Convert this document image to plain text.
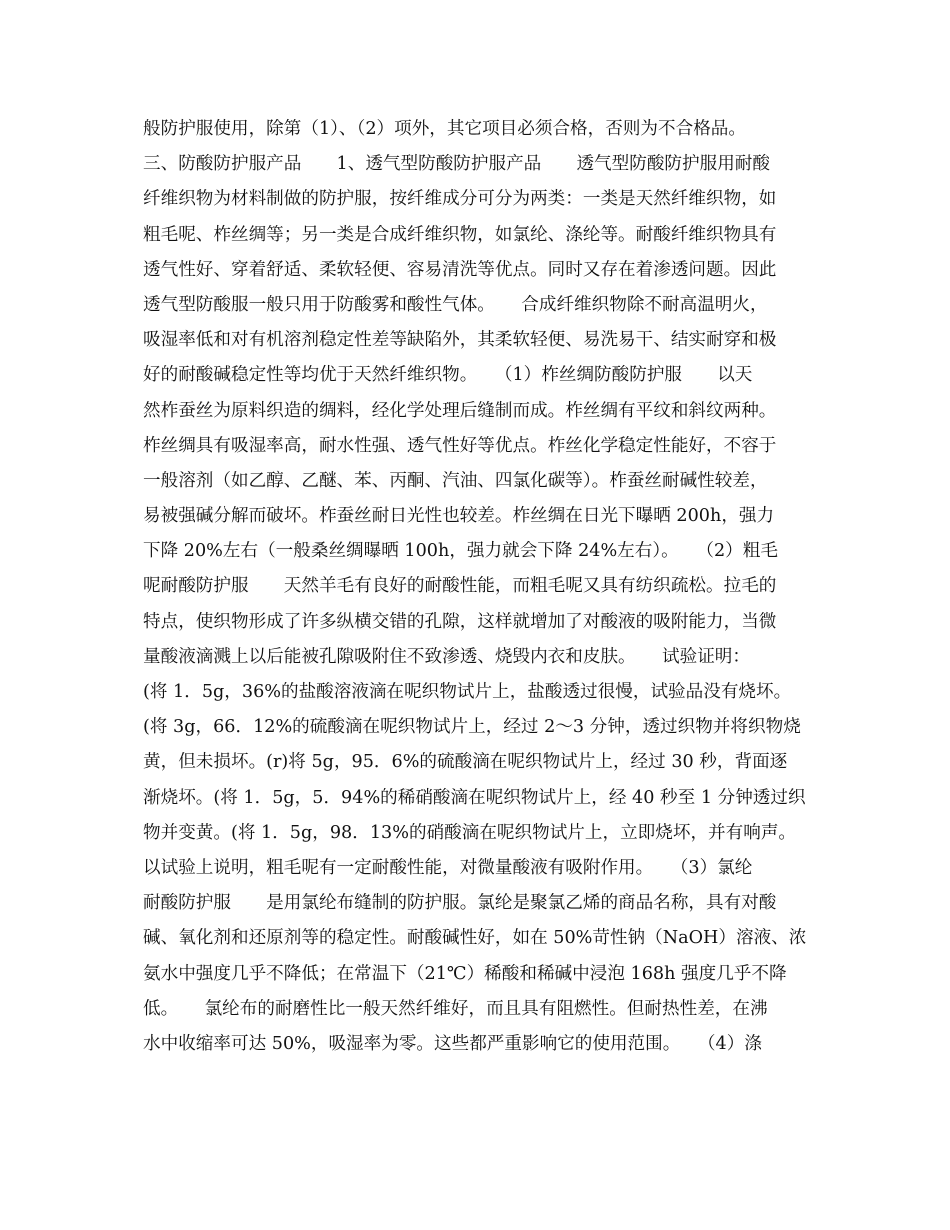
般防护服使用，除第（1）、（2）项外，其它项目必须合格，否则为不合格品。
三、防酸防护服产品　　1、透气型防酸防护服产品　　透气型防酸防护服用耐酸
纤维织物为材料制做的防护服，按纤维成分可分为两类：一类是天然纤维织物，如
粗毛呢、柞丝绸等；另一类是合成纤维织物，如氯纶、涤纶等。耐酸纤维织物具有
透气性好、穿着舒适、柔软轻便、容易清洗等优点。同时又存在着渗透问题。因此
透气型防酸服一般只用于防酸雾和酸性气体。　　合成纤维织物除不耐高温明火，
吸湿率低和对有机溶剂稳定性差等缺陷外，其柔软轻便、易洗易干、结实耐穿和极
好的耐酸碱稳定性等均优于天然纤维织物。　　（1）柞丝绸防酸防护服　　以天
然柞蚕丝为原料织造的绸料，经化学处理后缝制而成。柞丝绸有平纹和斜纹两种。
柞丝绸具有吸湿率高，耐水性强、透气性好等优点。柞丝化学稳定性能好，不容于
一般溶剂（如乙醇、乙醚、苯、丙酮、汽油、四氯化碳等）。柞蚕丝耐碱性较差，
易被强碱分解而破坏。柞蚕丝耐日光性也较差。柞丝绸在日光下曝晒 200h，强力
下降 20%左右（一般桑丝绸曝晒 100h，强力就会下降 24%左右）。　　（2）粗毛
呢耐酸防护服　　天然羊毛有良好的耐酸性能，而粗毛呢又具有纺织疏松。拉毛的
特点，使织物形成了许多纵横交错的孔隙，这样就增加了对酸液的吸附能力，当微
量酸液滴溅上以后能被孔隙吸附住不致渗透、烧毁内衣和皮肤。　　试验证明：
(将 1．5g，36%的盐酸溶液滴在呢织物试片上，盐酸透过很慢，试验品没有烧坏。
(将 3g，66．12%的硫酸滴在呢织物试片上，经过 2～3 分钟，透过织物并将织物烧
黄，但未损坏。(r)将 5g，95．6%的硫酸滴在呢织物试片上，经过 30 秒，背面逐
渐烧坏。(将 1．5g，5．94%的稀硝酸滴在呢织物试片上，经 40 秒至 1 分钟透过织
物并变黄。(将 1．5g，98．13%的硝酸滴在呢织物试片上，立即烧坏，并有响声。
以试验上说明，粗毛呢有一定耐酸性能，对微量酸液有吸附作用。　　（3）氯纶
耐酸防护服　　是用氯纶布缝制的防护服。氯纶是聚氯乙烯的商品名称，具有对酸
碱、氧化剂和还原剂等的稳定性。耐酸碱性好，如在 50%苛性钠（NaOH）溶液、浓
氨水中强度几乎不降低；在常温下（21℃）稀酸和稀碱中浸泡 168h 强度几乎不降
低。　　氯纶布的耐磨性比一般天然纤维好，而且具有阻燃性。但耐热性差，在沸
水中收缩率可达 50%，吸湿率为零。这些都严重影响它的使用范围。　　（4）涤
